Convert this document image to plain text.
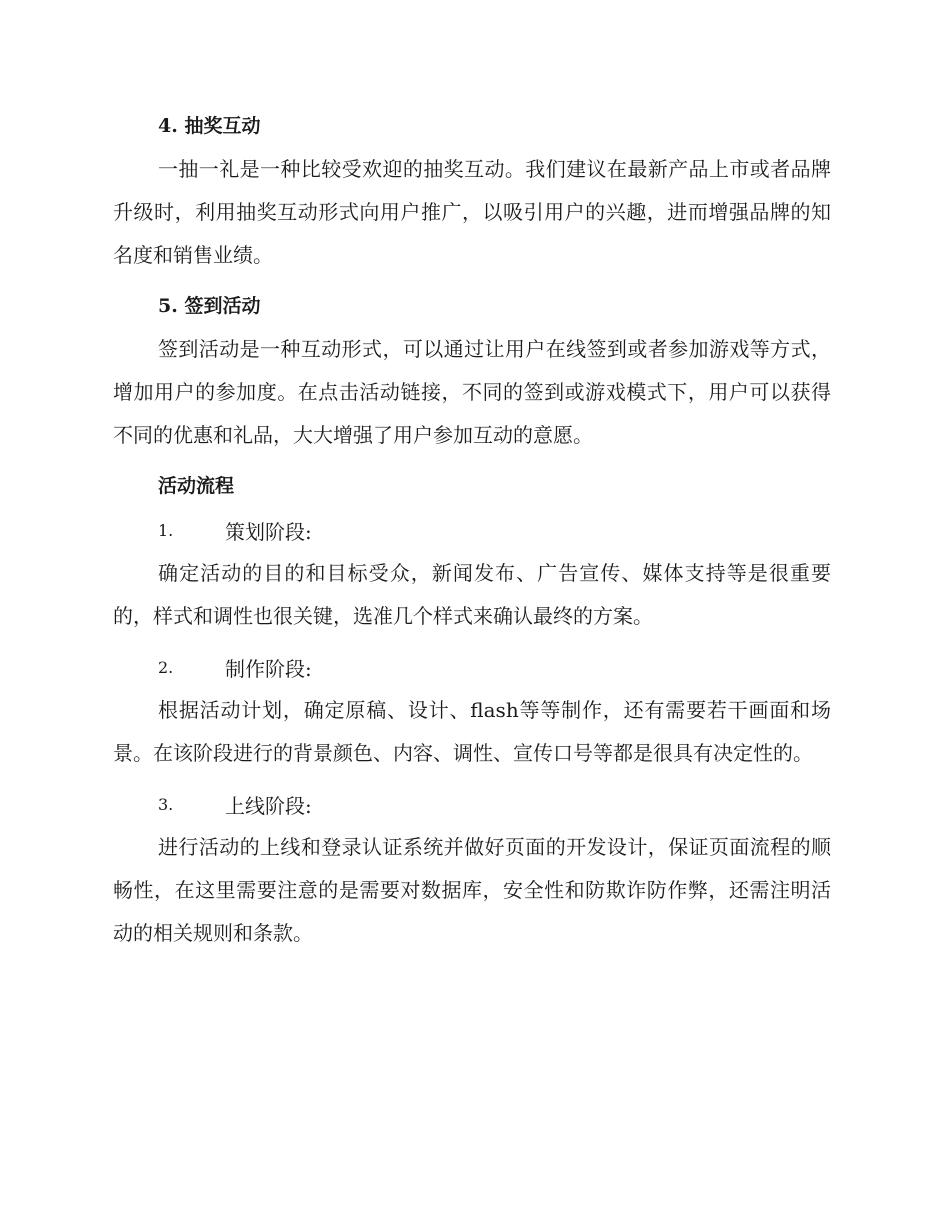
4. 抽奖互动

一抽一礼是一种比较受欢迎的抽奖互动。我们建议在最新产品上市或者品牌升级时，利用抽奖互动形式向用户推广，以吸引用户的兴趣，进而增强品牌的知名度和销售业绩。

5. 签到活动

签到活动是一种互动形式，可以通过让用户在线签到或者参加游戏等方式，增加用户的参加度。在点击活动链接，不同的签到或游戏模式下，用户可以获得不同的优惠和礼品，大大增强了用户参加互动的意愿。

活动流程
1.	策划阶段:

确定活动的目的和目标受众，新闻发布、广告宣传、媒体支持等是很重要的，样式和调性也很关键，选准几个样式来确认最终的方案。

2.	制作阶段:

根据活动计划，确定原稿、设计、flash等等制作，还有需要若干画面和场景。在该阶段进行的背景颜色、内容、调性、宣传口号等都是很具有决定性的。

3.	上线阶段:

进行活动的上线和登录认证系统并做好页面的开发设计，保证页面流程的顺畅性，在这里需要注意的是需要对数据库，安全性和防欺诈防作弊，还需注明活动的相关规则和条款。
